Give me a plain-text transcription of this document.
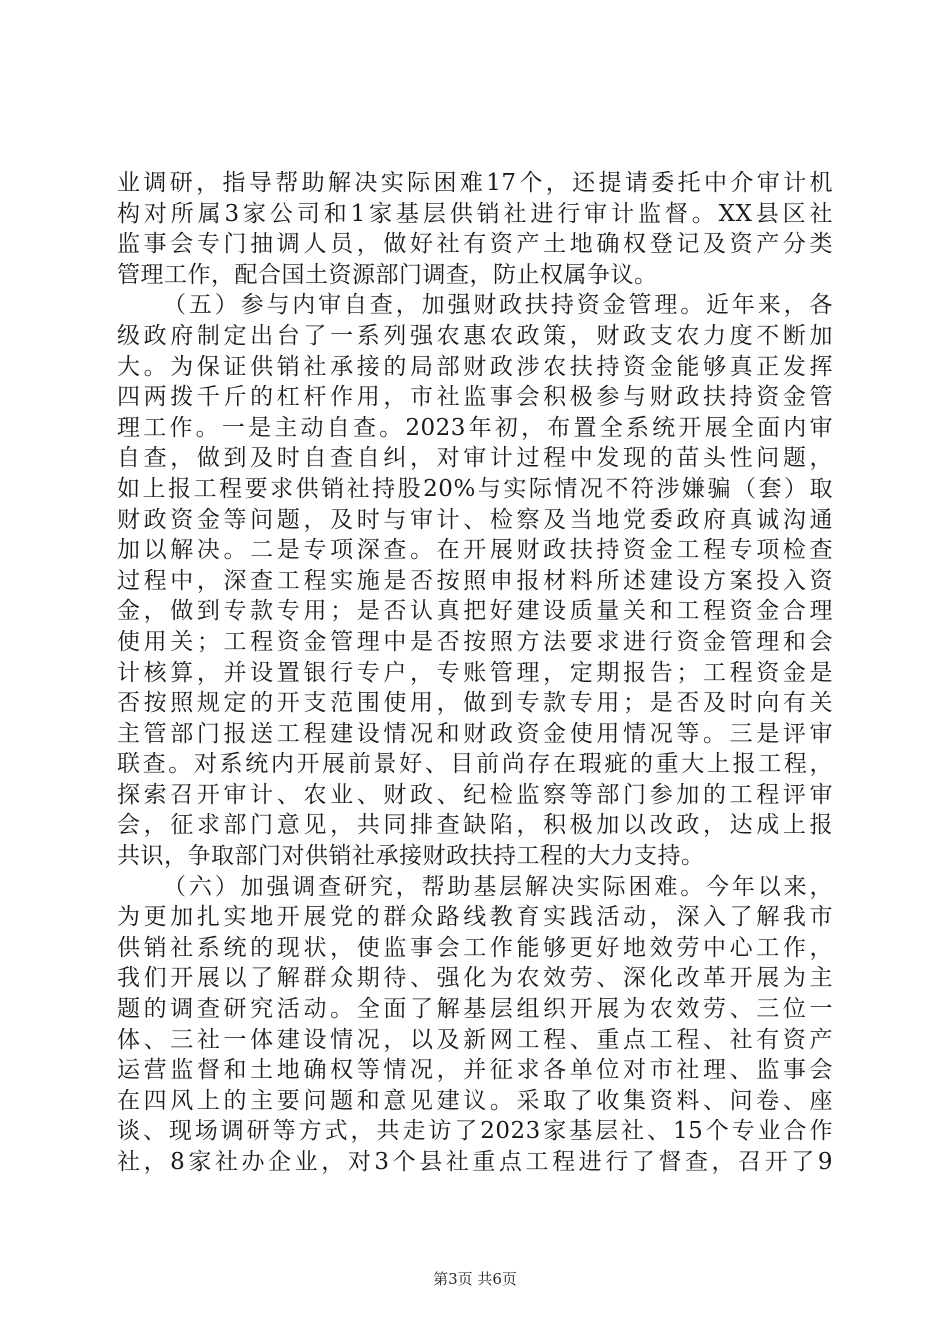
业调研，指导帮助解决实际困难17个，还提请委托中介审计机
构对所属3家公司和1家基层供销社进行审计监督。XX县区社
监事会专门抽调人员，做好社有资产土地确权登记及资产分类
管理工作，配合国土资源部门调查，防止权属争议。

（五）参与内审自查，加强财政扶持资金管理。近年来，各
级政府制定出台了一系列强农惠农政策，财政支农力度不断加
大。为保证供销社承接的局部财政涉农扶持资金能够真正发挥
四两拨千斤的杠杆作用，市社监事会积极参与财政扶持资金管
理工作。一是主动自查。2023年初，布置全系统开展全面内审
自查，做到及时自查自纠，对审计过程中发现的苗头性问题，
如上报工程要求供销社持股20%与实际情况不符涉嫌骗（套）取
财政资金等问题，及时与审计、检察及当地党委政府真诚沟通
加以解决。二是专项深查。在开展财政扶持资金工程专项检查
过程中，深查工程实施是否按照申报材料所述建设方案投入资
金，做到专款专用；是否认真把好建设质量关和工程资金合理
使用关；工程资金管理中是否按照方法要求进行资金管理和会
计核算，并设置银行专户，专账管理，定期报告；工程资金是
否按照规定的开支范围使用，做到专款专用；是否及时向有关
主管部门报送工程建设情况和财政资金使用情况等。三是评审
联查。对系统内开展前景好、目前尚存在瑕疵的重大上报工程，
探索召开审计、农业、财政、纪检监察等部门参加的工程评审
会，征求部门意见，共同排查缺陷，积极加以改政，达成上报
共识，争取部门对供销社承接财政扶持工程的大力支持。

（六）加强调查研究，帮助基层解决实际困难。今年以来，
为更加扎实地开展党的群众路线教育实践活动，深入了解我市
供销社系统的现状，使监事会工作能够更好地效劳中心工作，
我们开展以了解群众期待、强化为农效劳、深化改革开展为主
题的调查研究活动。全面了解基层组织开展为农效劳、三位一
体、三社一体建设情况，以及新网工程、重点工程、社有资产
运营监督和土地确权等情况，并征求各单位对市社理、监事会
在四风上的主要问题和意见建议。采取了收集资料、问卷、座
谈、现场调研等方式，共走访了2023家基层社、15个专业合作
社，8家社办企业，对3个县社重点工程进行了督查，召开了9

第3页 共6页
